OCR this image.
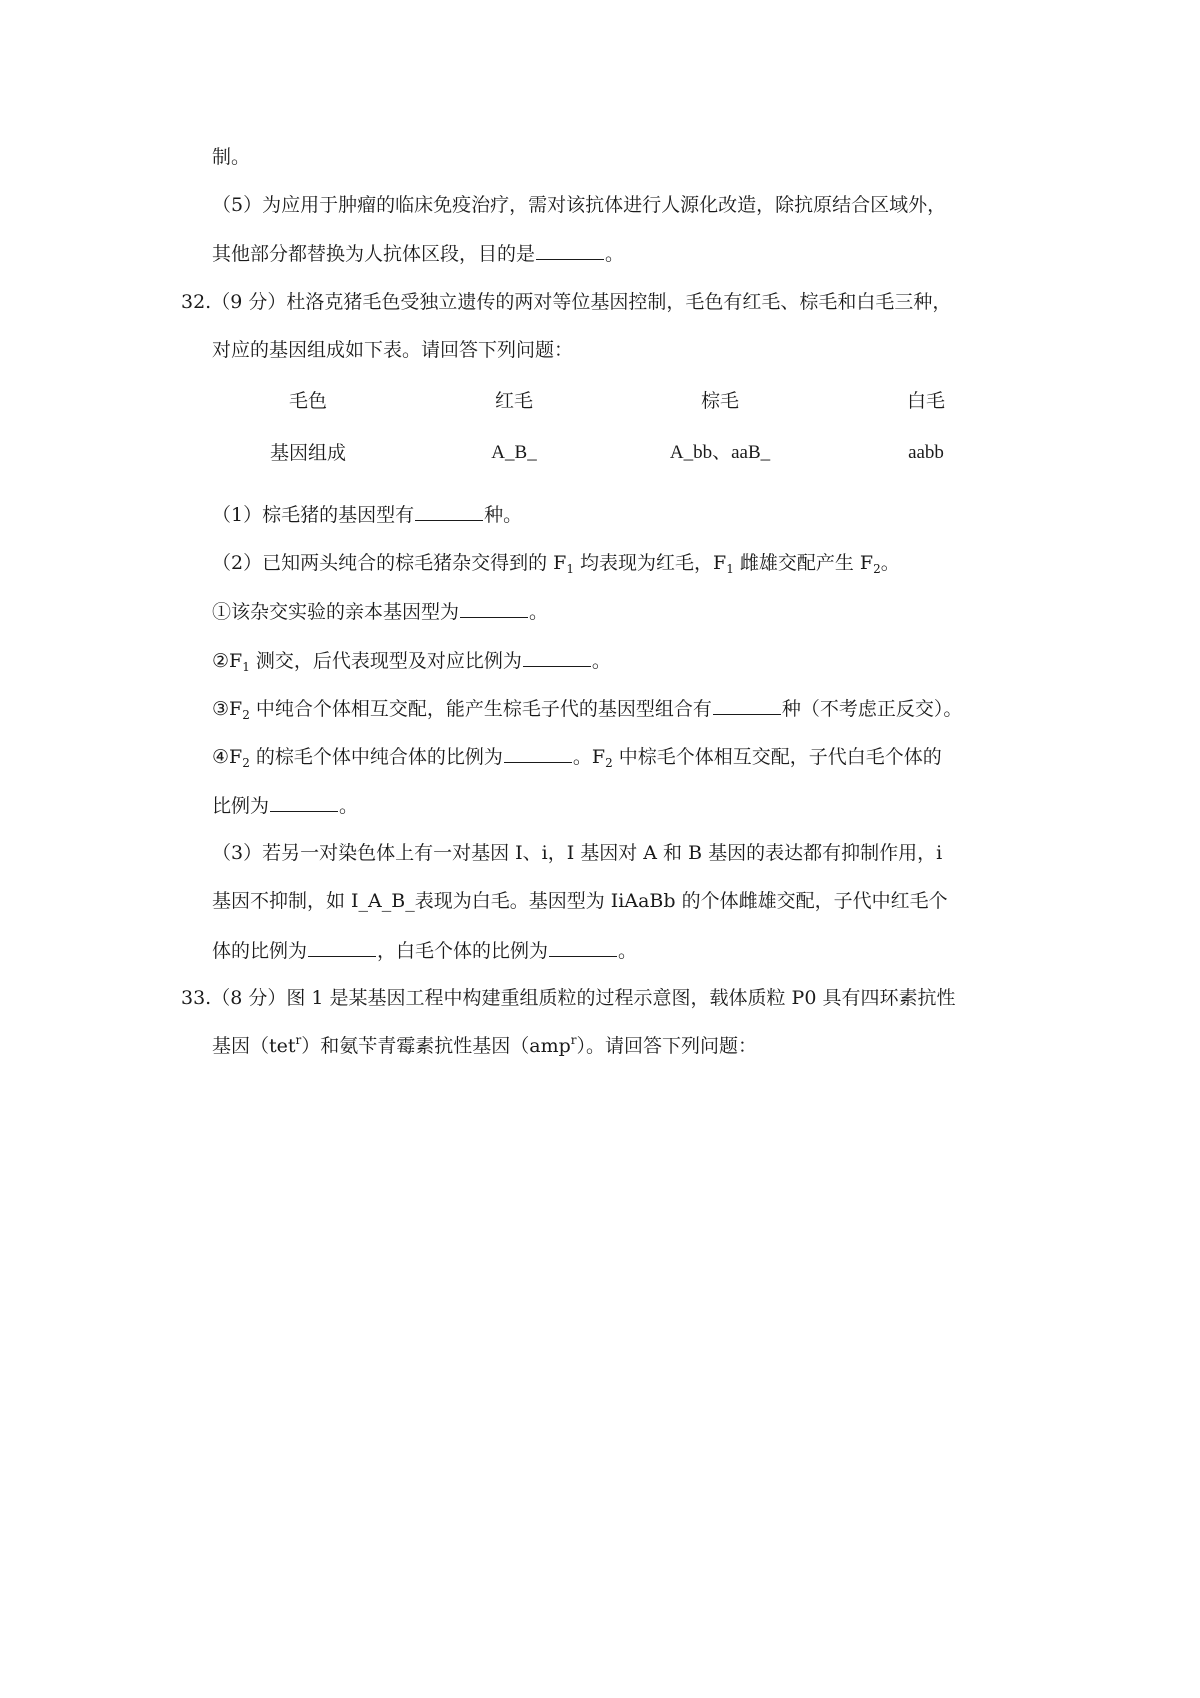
制。
（5）为应用于肿瘤的临床免疫治疗，需对该抗体进行人源化改造，除抗原结合区域外，
其他部分都替换为人抗体区段，目的是	。
32.（9 分）杜洛克猪毛色受独立遗传的两对等位基因控制，毛色有红毛、棕毛和白毛三种，
对应的基因组成如下表。请回答下列问题：
毛色	红毛	棕毛	白毛
基因组成	A_B_	A_bb、aaB_	aabb
（1）棕毛猪的基因型有	种。
（2）已知两头纯合的棕毛猪杂交得到的 $F_1$ 均表现为红毛，$F_1$ 雌雄交配产生 $F_2$。
①该杂交实验的亲本基因型为	。
$②F_1$ 测交，后代表现型及对应比例为	。
$③F_2$ 中纯合个体相互交配，能产生棕毛子代的基因型组合有	种（不考虑正反交）。
$④F_2$ 的棕毛个体中纯合体的比例为	。$F_2$ 中棕毛个体相互交配，子代白毛个体的
比例为	。
（3）若另一对染色体上有一对基因 I、i，I 基因对 A 和 B 基因的表达都有抑制作用，i
基因不抑制，如 I_A_B_表现为白毛。基因型为 IiAaBb 的个体雌雄交配，子代中红毛个
体的比例为	，白毛个体的比例为	。
33.（8 分）图 1 是某基因工程中构建重组质粒的过程示意图，载体质粒 P0 具有四环素抗性
基因（tet$^r$）和氨苄青霉素抗性基因（amp$^r$）。请回答下列问题：
